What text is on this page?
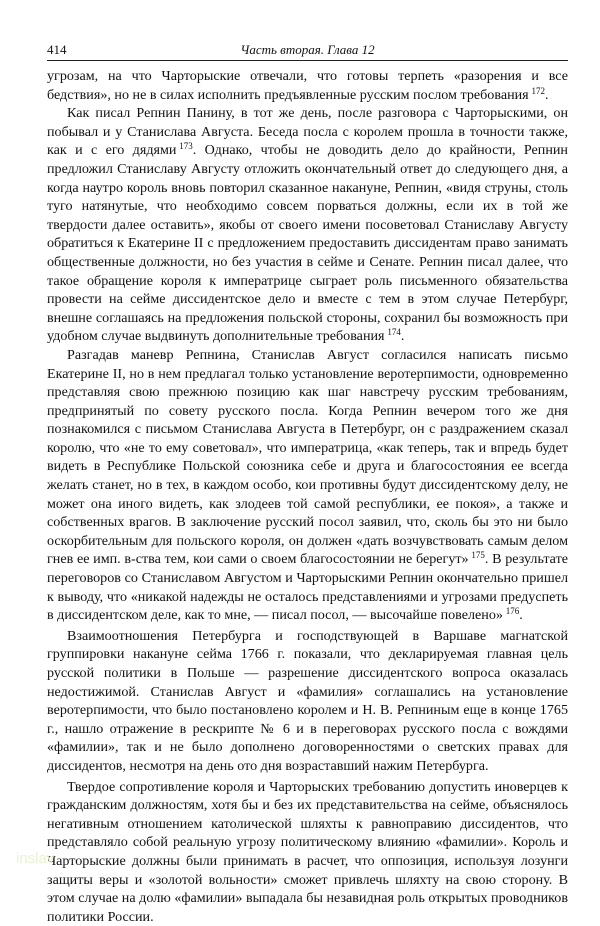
414	Часть вторая. Глава 12

угрозам, на что Чарторыские отвечали, что готовы терпеть «разорения и все бедствия», но не в силах исполнить предъявленные русским послом требования  $^{172}$.

Как писал Репнин Панину, в тот же день, после разговора с Чарторыскими, он побывал и у Станислава Августа. Беседа посла с королем прошла в точности также, как и с его дядями  $^{173}$. Однако, чтобы не доводить дело до крайности, Репнин предложил Станиславу Августу отложить окончательный ответ до следующего дня, а когда наутро король вновь повторил сказанное накануне, Репнин, «видя струны, столь туго натянутые, что необходимо совсем порваться должны, если их в той же твердости далее оставить», якобы от своего имени посоветовал Станиславу Августу обратиться к Екатерине II с предложением предоставить диссидентам право занимать общественные должности, но без участия в сейме и Сенате. Репнин писал далее, что такое обращение короля к императрице сыграет роль письменного обязательства провести на сейме диссидентское дело и вместе с тем в этом случае Петербург, внешне соглашаясь на предложения польской стороны, сохранил бы возможность при удобном случае выдвинуть дополнительные требования  $^{174}$.

Разгадав маневр Репнина, Станислав Август согласился написать письмо Екатерине II, но в нем предлагал только установление веротерпимости, одновременно представляя свою прежнюю позицию как шаг навстречу русским требованиям, предпринятый по совету русского посла. Когда Репнин вечером того же дня познакомился с письмом Станислава Августа в Петербург, он с раздражением сказал королю, что «не то ему советовал», что императрица, «как теперь, так и впредь будет видеть в Республике Польской союзника себе и друга и благосостояния ее всегда желать станет, но в тех, в каждом особо, кои противны будут диссидентскому делу, не может она иного видеть, как злодеев той самой республики, ее покоя», а также и собственных врагов. В заключение русский посол заявил, что, сколь бы это ни было оскорбительным для польского короля, он должен «дать возчувствовать самым делом гнев ее имп. в-ства тем, кои сами о своем благосостоянии не берегут»  $^{175}$. В результате переговоров со Станиславом Августом и Чарторыскими Репнин окончательно пришел к выводу, что «никакой надежды не осталось представлениями и угрозами предуспеть в диссидентском деле, как то мне, — писал посол, — высочайше повелено»  $^{176}$.

Взаимоотношения Петербурга и господствующей в Варшаве магнатской группировки накануне сейма 1766 г. показали, что декларируемая главная цель русской политики в Польше — разрешение диссидентского вопроса оказалась недостижимой. Станислав Август и «фамилия» соглашались на установление веротерпимости, что было постановлено королем и Н. В. Репниным еще в конце 1765 г., нашло отражение в рескрипте № 6 и в переговорах русского посла с вождями «фамилии», так и не было дополнено договоренностями о светских правах для диссидентов, несмотря на день ото дня возраставший нажим Петербурга.

Твердое сопротивление короля и Чарторыских требованию допустить иноверцев к гражданским должностям, хотя бы и без их представительства на сейме, объяснялось негативным отношением католической шляхты к равноправию диссидентов, что представляло собой реальную угрозу политическому влиянию «фамилии». Король и Чарторыские должны были принимать в расчет, что оппозиция, используя лозунги защиты веры и «золотой вольности» сможет привлечь шляхту на свою сторону. В этом случае на долю «фамилии» выпадала бы незавидная роль открытых проводников политики России.

inslav
